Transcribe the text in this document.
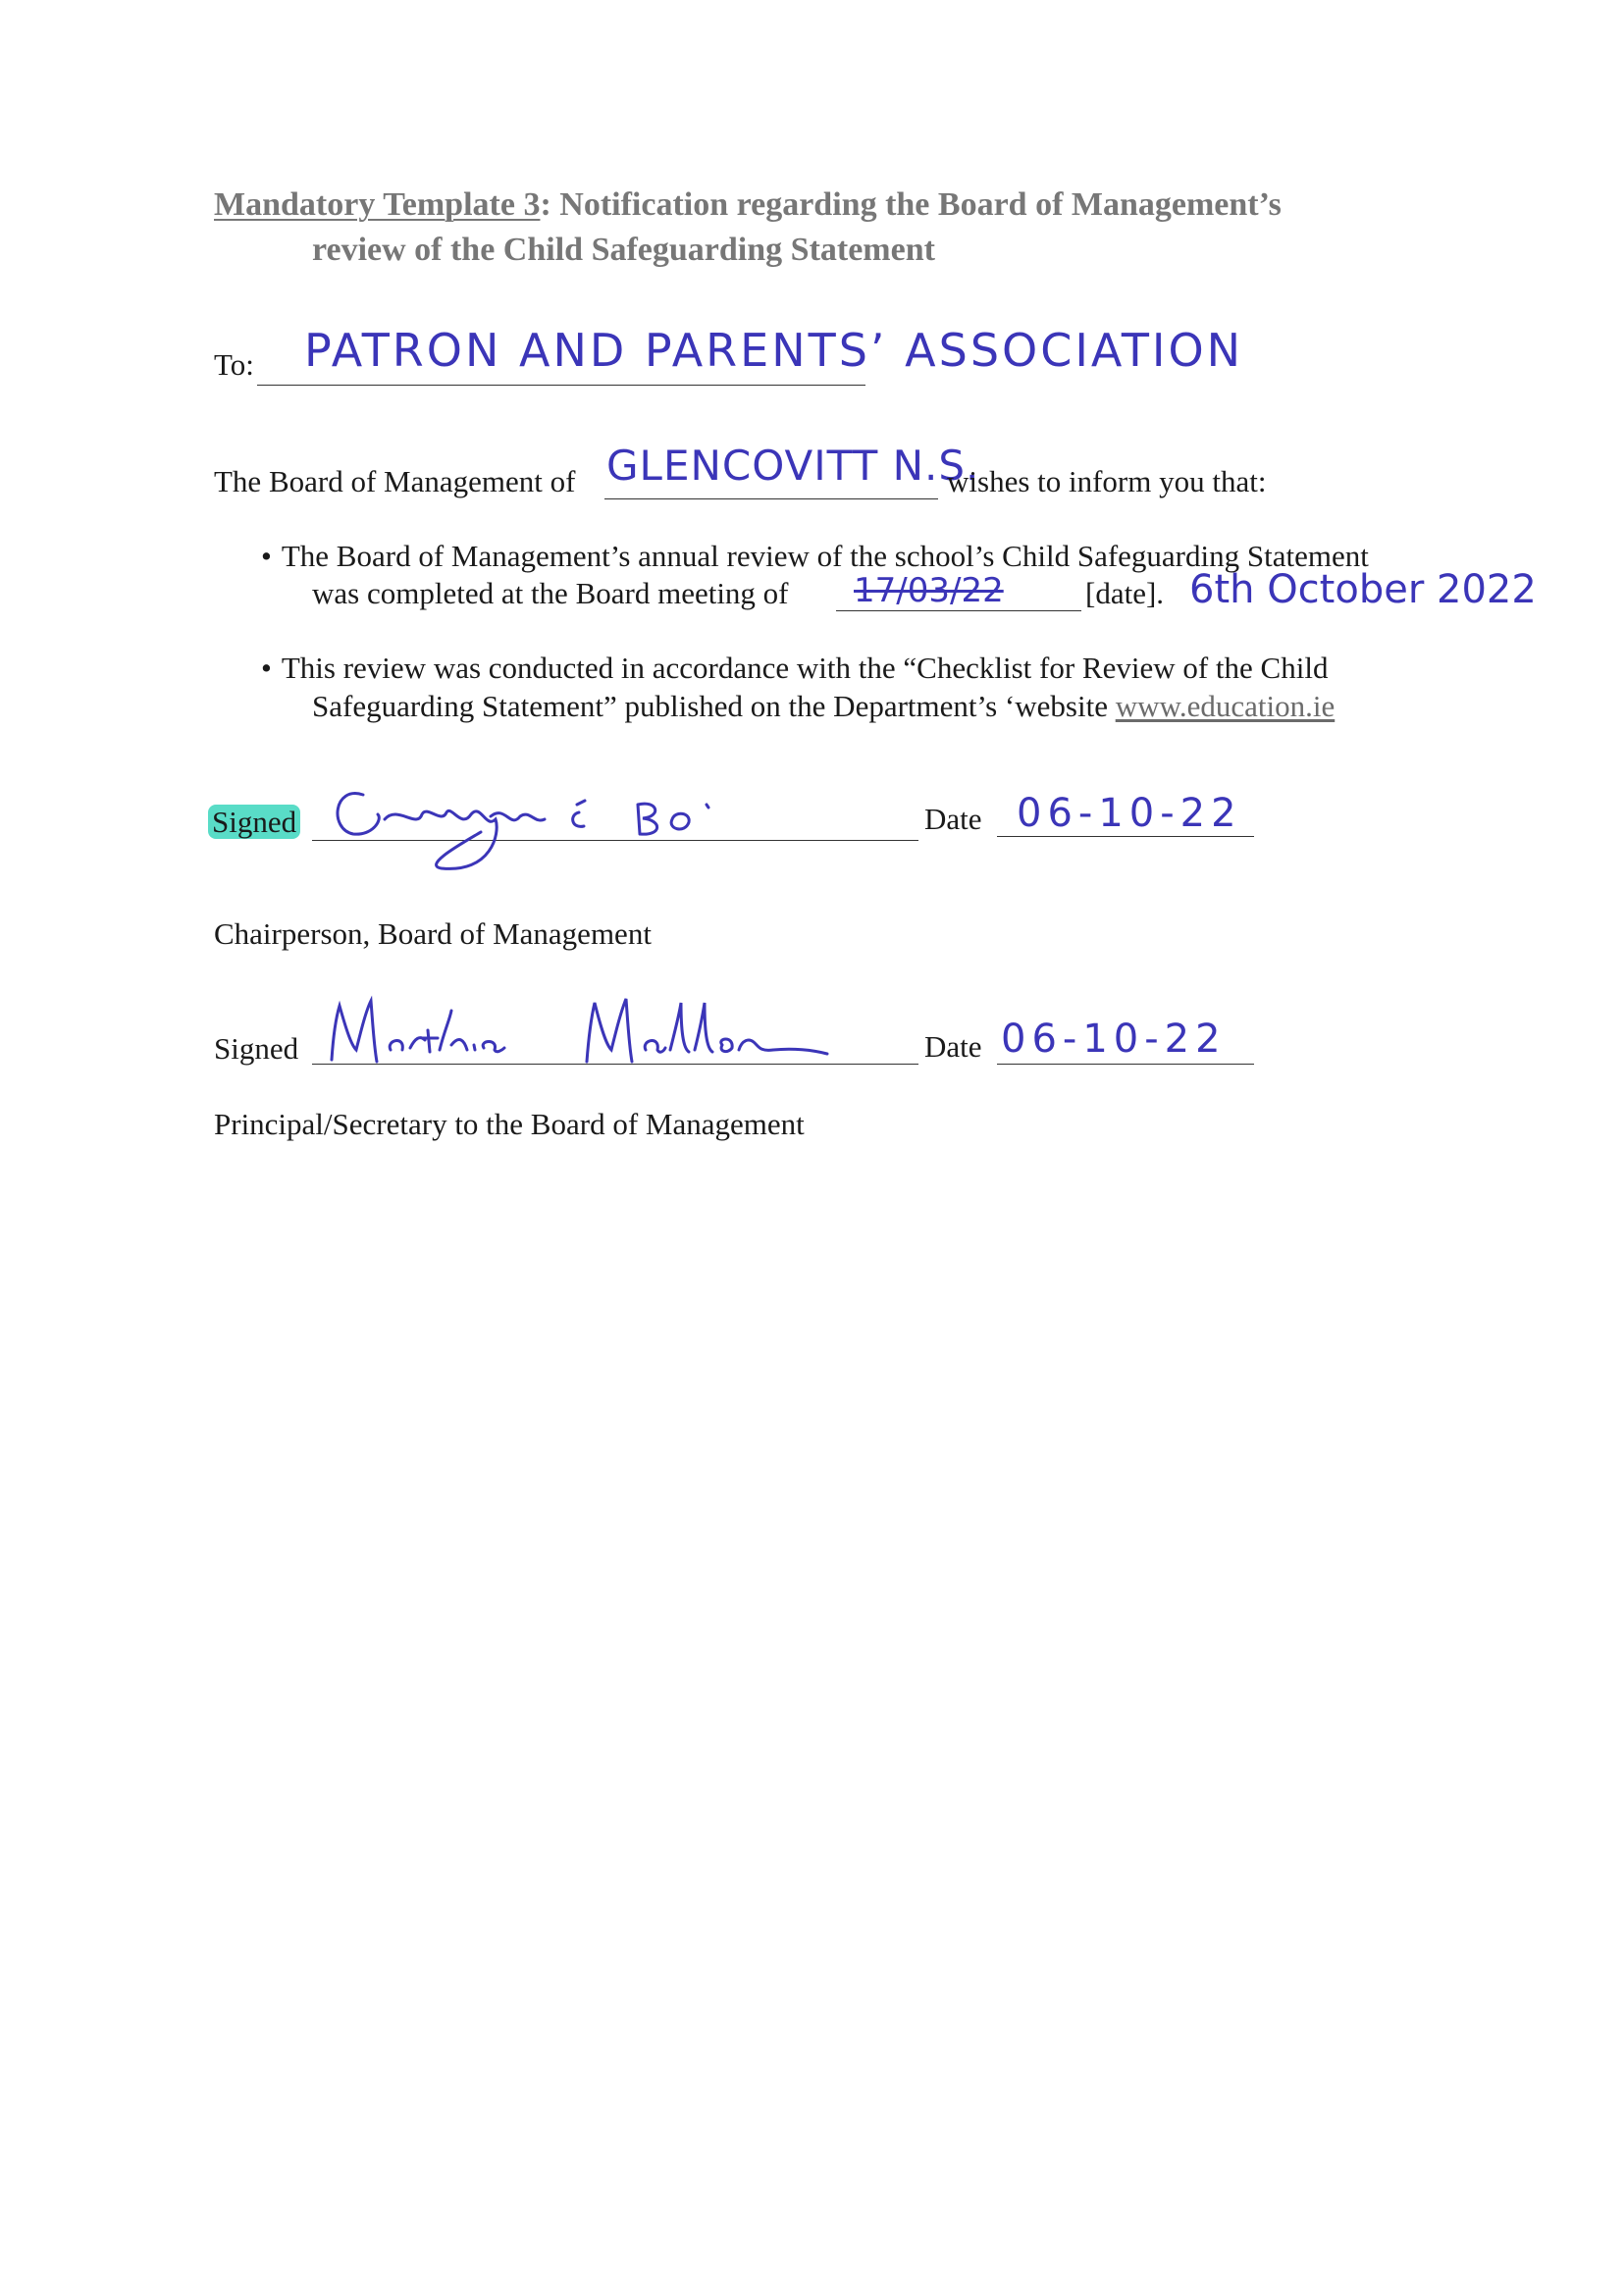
Mandatory Template 3: Notification regarding the Board of Management’s
review of the Child Safeguarding Statement
To: PATRON AND PARENTS’ ASSOCIATION
The Board of Management of GLENCOVITT N.S.
wishes to inform you that:
• The Board of Management’s annual review of the school’s Child Safeguarding Statement
was completed at the Board meeting of 17/03/22	[date]. 6th October 2022
• This review was conducted in accordance with the “Checklist for Review of the Child
Safeguarding Statement” published on the Department’s ‘website www.education.ie
Signed	Date 06-10-22
Chairperson, Board of Management
Signed	Date 06-10-22
Principal/Secretary to the Board of Management
